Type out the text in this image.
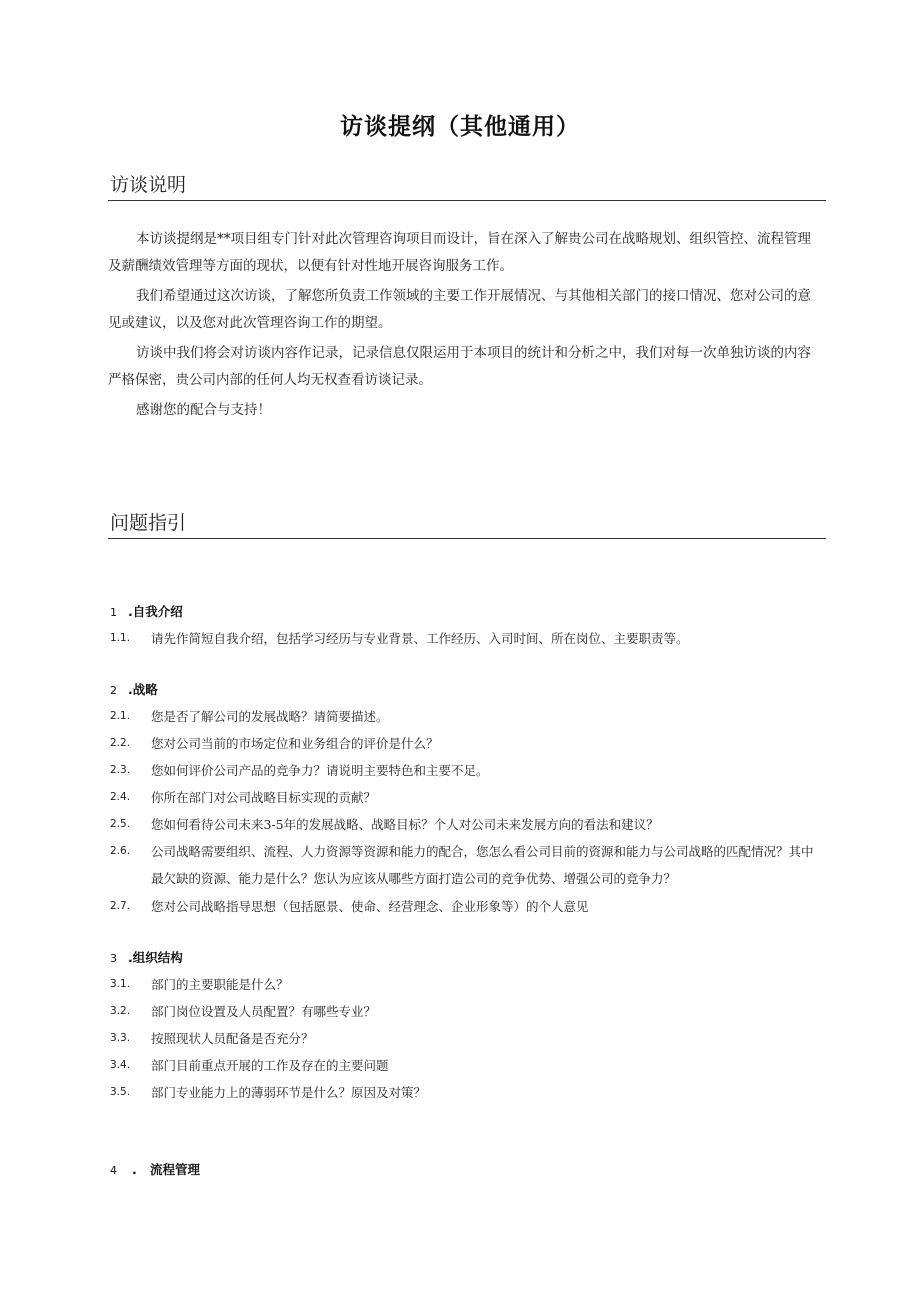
访谈提纲（其他通用）
访谈说明

本访谈提纲是**项目组专门针对此次管理咨询项目而设计，旨在深入了解贵公司在战略规划、组织管控、流程管理及薪酬绩效管理等方面的现状，以便有针对性地开展咨询服务工作。

我们希望通过这次访谈，了解您所负责工作领域的主要工作开展情况、与其他相关部门的接口情况、您对公司的意见或建议，以及您对此次管理咨询工作的期望。

访谈中我们将会对访谈内容作记录，记录信息仅限运用于本项目的统计和分析之中，我们对每一次单独访谈的内容严格保密，贵公司内部的任何人均无权查看访谈记录。

感谢您的配合与支持！

问题指引
1 .自我介绍
1.1.	请先作简短自我介绍，包括学习经历与专业背景、工作经历、入司时间、所在岗位、主要职责等。
2 .战略
2.1.	您是否了解公司的发展战略？请简要描述。
2.2.	您对公司当前的市场定位和业务组合的评价是什么？
2.3.	您如何评价公司产品的竞争力？请说明主要特色和主要不足。
2.4.	你所在部门对公司战略目标实现的贡献？
2.5.	您如何看待公司未来3-5年的发展战略、战略目标？个人对公司未来发展方向的看法和建议？
2.6.	公司战略需要组织、流程、人力资源等资源和能力的配合，您怎么看公司目前的资源和能力与公司战略的匹配情况？其中最欠缺的资源、能力是什么？您认为应该从哪些方面打造公司的竞争优势、增强公司的竞争力？
2.7.	您对公司战略指导思想（包括愿景、使命、经营理念、企业形象等）的个人意见
3 .组织结构
3.1.	部门的主要职能是什么？
3.2.	部门岗位设置及人员配置？有哪些专业？
3.3.	按照现状人员配备是否充分？
3.4.	部门目前重点开展的工作及存在的主要问题
3.5.	部门专业能力上的薄弱环节是什么？原因及对策？
4 . 流程管理
